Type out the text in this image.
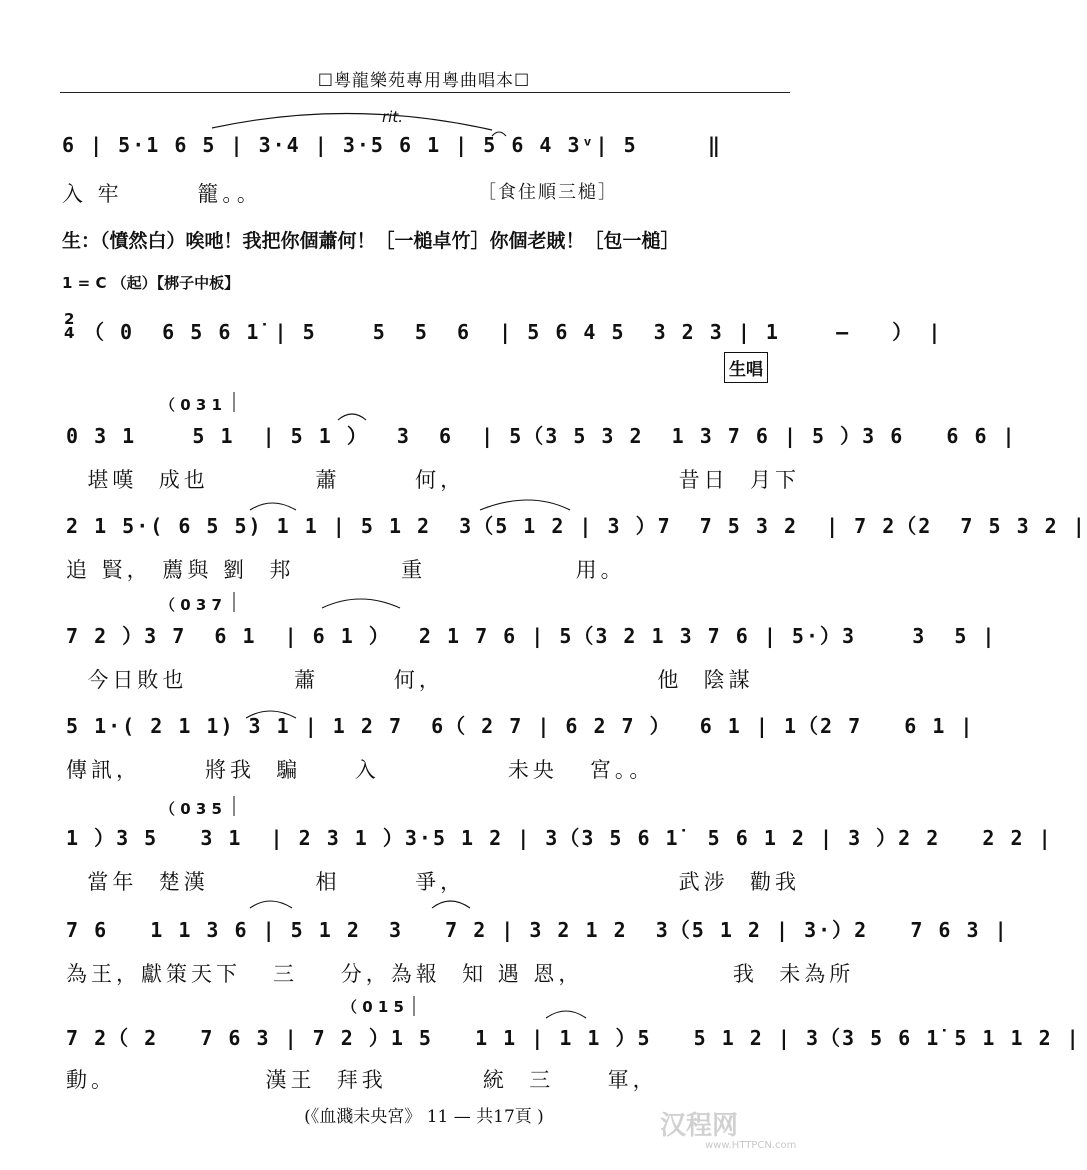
☐粵龍樂苑專用粵曲唱本☐
rit.
6 | 5·1 6 5 | 3·4 | 3·5 6 1 | 5 6 4 3ᵛ| 5     ‖
入 牢       籠。。	［食住順三槌］
生：（憤然白）唉吔！我把你個蕭何！［一槌卓竹］你個老賊！［包一槌］
1 = C （起）【梆子中板】
2
4 （ 0  6 5 6 1̇ | 5    5  5  6  | 5 6 4 5  3 2 3 | 1    –   ） |
生唱
（ 0 3 1
0 3 1    5 1  | 5 1 ）  3  6  | 5（3 5 3 2  1 3 7 6 | 5 ）3 6   6 6 |
堪嘆  成也          蕭       何，                    昔日  月下
2 1 5·( 6 5 5) 1 1 | 5 1 2  3（5 1 2 | 3 ）7  7 5 3 2  | 7 2（2  7 5 3 2 |
追 賢， 薦與 劉  邦          重              用。
（ 0 3 7
7 2 ）3 7  6 1  | 6 1 ）  2 1 7 6 | 5（3 2 1 3 7 6 | 5·）3    3  5 |
今日敗也          蕭       何，                    他  陰謀
5 1·( 2 1 1) 3 1 | 1 2 7  6（ 2 7 | 6 2 7 ）  6 1 | 1（2 7   6 1 |
傳訊，      將我  騙     入            未央   宮。。
（ 0 3 5
1 ）3 5   3 1  | 2 3 1 ）3·5 1 2 | 3（3 5 6 1̇  5 6 1 2 | 3 ）2 2   2 2 |
當年  楚漢          相       爭，                    武涉  勸我
7 6   1 1 3 6 | 5 1 2  3   7 2 | 3 2 1 2  3（5 1 2 | 3·）2   7 6 3 |
為王，獻策天下   三    分，為報  知 遇 恩，              我  未為所
（ 0 1 5
7 2（ 2   7 6 3 | 7 2 ）1 5   1 1 | 1 1 ）5   5 1 2 | 3（3 5 6 1̇ 5 1 1 2 |
動。              漢王  拜我         統  三     軍，
(《血濺未央宮》 11 — 共17頁 )	汉程网
www.HTTPCN.com
